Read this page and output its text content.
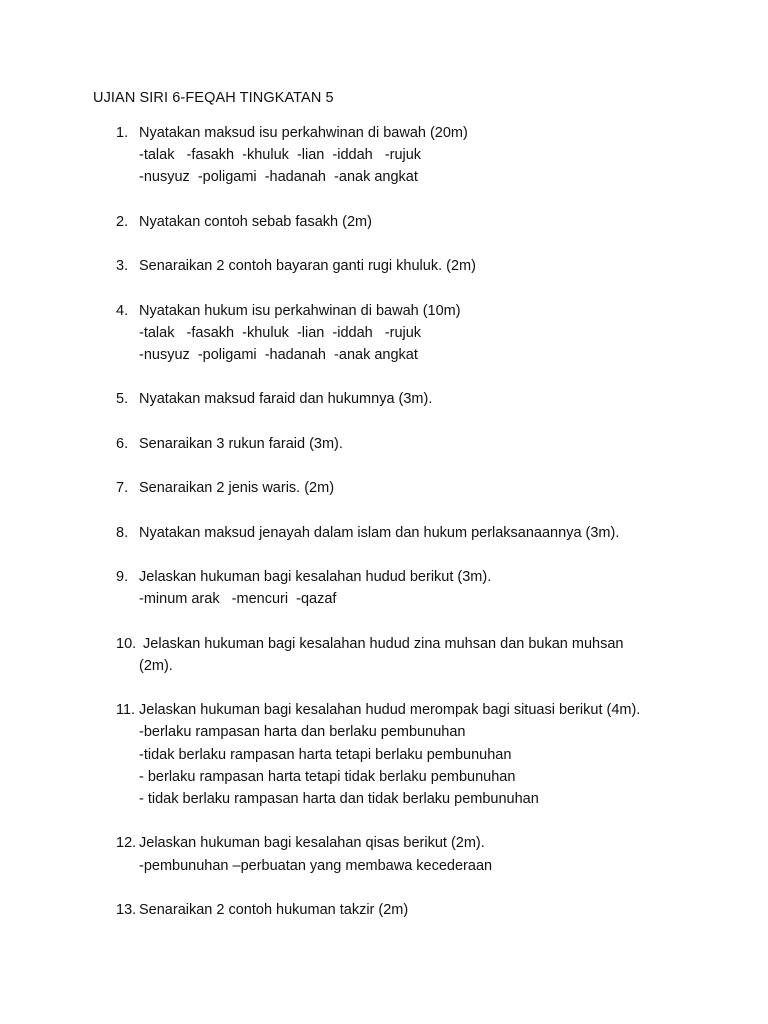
UJIAN SIRI 6-FEQAH TINGKATAN 5
1. Nyatakan maksud isu perkahwinan di bawah (20m)
-talak   -fasakh  -khuluk  -lian  -iddah   -rujuk
-nusyuz  -poligami  -hadanah  -anak angkat
2. Nyatakan contoh sebab fasakh (2m)
3. Senaraikan 2 contoh bayaran ganti rugi khuluk. (2m)
4. Nyatakan hukum isu perkahwinan di bawah (10m)
-talak   -fasakh  -khuluk  -lian  -iddah   -rujuk
-nusyuz  -poligami  -hadanah  -anak angkat
5. Nyatakan maksud faraid dan hukumnya (3m).
6. Senaraikan 3 rukun faraid (3m).
7. Senaraikan 2 jenis waris. (2m)
8. Nyatakan maksud jenayah dalam islam dan hukum perlaksanaannya (3m).
9. Jelaskan hukuman bagi kesalahan hudud berikut (3m).
-minum arak   -mencuri  -qazaf
10. Jelaskan hukuman bagi kesalahan hudud zina muhsan dan bukan muhsan (2m).
11. Jelaskan hukuman bagi kesalahan hudud merompak bagi situasi berikut (4m).
-berlaku rampasan harta dan berlaku pembunuhan
-tidak berlaku rampasan harta tetapi berlaku pembunuhan
- berlaku rampasan harta tetapi tidak berlaku pembunuhan
- tidak berlaku rampasan harta dan tidak berlaku pembunuhan
12. Jelaskan hukuman bagi kesalahan qisas berikut (2m).
-pembunuhan –perbuatan yang membawa kecederaan
13. Senaraikan 2 contoh hukuman takzir (2m)
